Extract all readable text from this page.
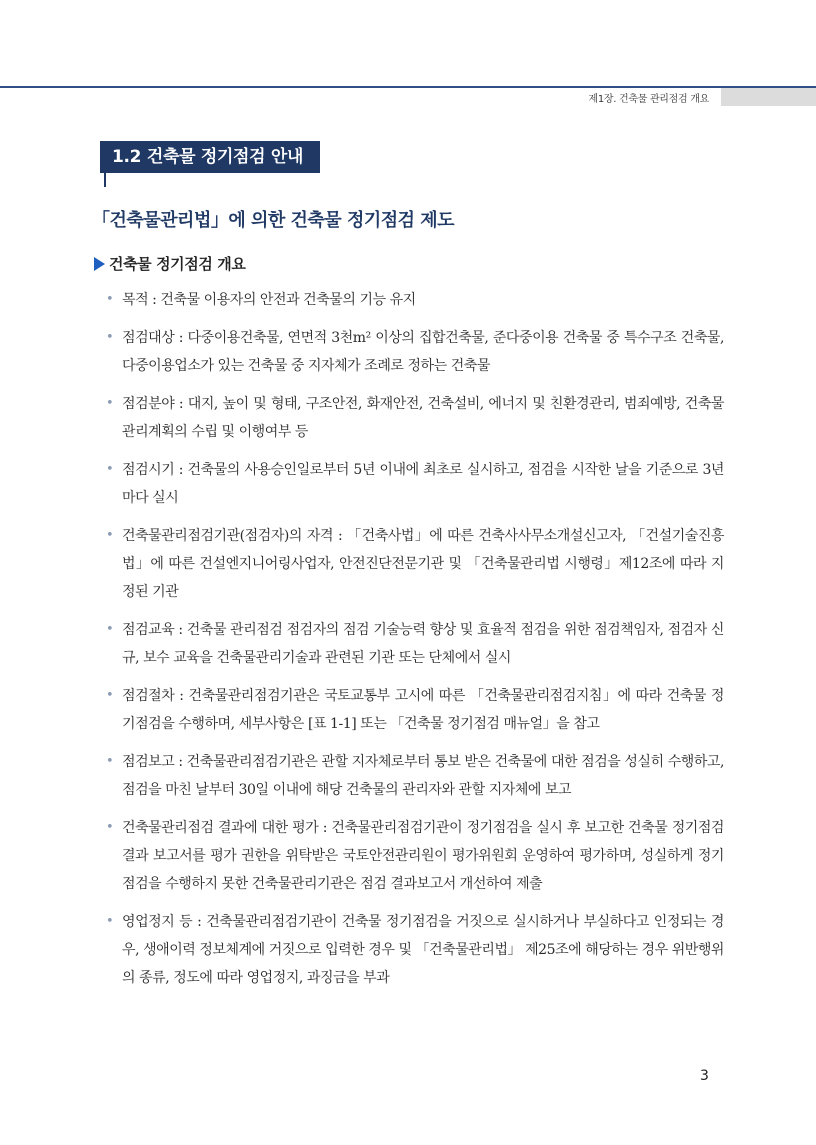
제1장. 건축물 관리점검 개요
1.2 건축물 정기점검 안내
「건축물관리법」에 의한 건축물 정기점검 제도
건축물 정기점검 개요
• 목적 : 건축물 이용자의 안전과 건축물의 기능 유지
• 점검대상 : 다중이용건축물, 연면적 3천m² 이상의 집합건축물, 준다중이용 건축물 중 특수구조 건축물, 다중이용업소가 있는 건축물 중 지자체가 조례로 정하는 건축물
• 점검분야 : 대지, 높이 및 형태, 구조안전, 화재안전, 건축설비, 에너지 및 친환경관리, 범죄예방, 건축물 관리계획의 수립 및 이행여부 등
• 점검시기 : 건축물의 사용승인일로부터 5년 이내에 최초로 실시하고, 점검을 시작한 날을 기준으로 3년마다 실시
• 건축물관리점검기관(점검자)의 자격 : 「건축사법」에 따른 건축사사무소개설신고자, 「건설기술진흥법」에 따른 건설엔지니어링사업자, 안전진단전문기관 및 「건축물관리법 시행령」제12조에 따라 지정된 기관
• 점검교육 : 건축물 관리점검 점검자의 점검 기술능력 향상 및 효율적 점검을 위한 점검책임자, 점검자 신규, 보수 교육을 건축물관리기술과 관련된 기관 또는 단체에서 실시
• 점검절차 : 건축물관리점검기관은 국토교통부 고시에 따른 「건축물관리점검지침」에 따라 건축물 정기점검을 수행하며, 세부사항은 [표 1-1] 또는 「건축물 정기점검 매뉴얼」을 참고
• 점검보고 : 건축물관리점검기관은 관할 지자체로부터 통보 받은 건축물에 대한 점검을 성실히 수행하고, 점검을 마친 날부터 30일 이내에 해당 건축물의 관리자와 관할 지자체에 보고
• 건축물관리점검 결과에 대한 평가 : 건축물관리점검기관이 정기점검을 실시 후 보고한 건축물 정기점검 결과 보고서를 평가 권한을 위탁받은 국토안전관리원이 평가위원회 운영하여 평가하며, 성실하게 정기점검을 수행하지 못한 건축물관리기관은 점검 결과보고서 개선하여 제출
• 영업정지 등 : 건축물관리점검기관이 건축물 정기점검을 거짓으로 실시하거나 부실하다고 인정되는 경우, 생애이력 정보체계에 거짓으로 입력한 경우 및 「건축물관리법」 제25조에 해당하는 경우 위반행위의 종류, 정도에 따라 영업정지, 과징금을 부과
3
